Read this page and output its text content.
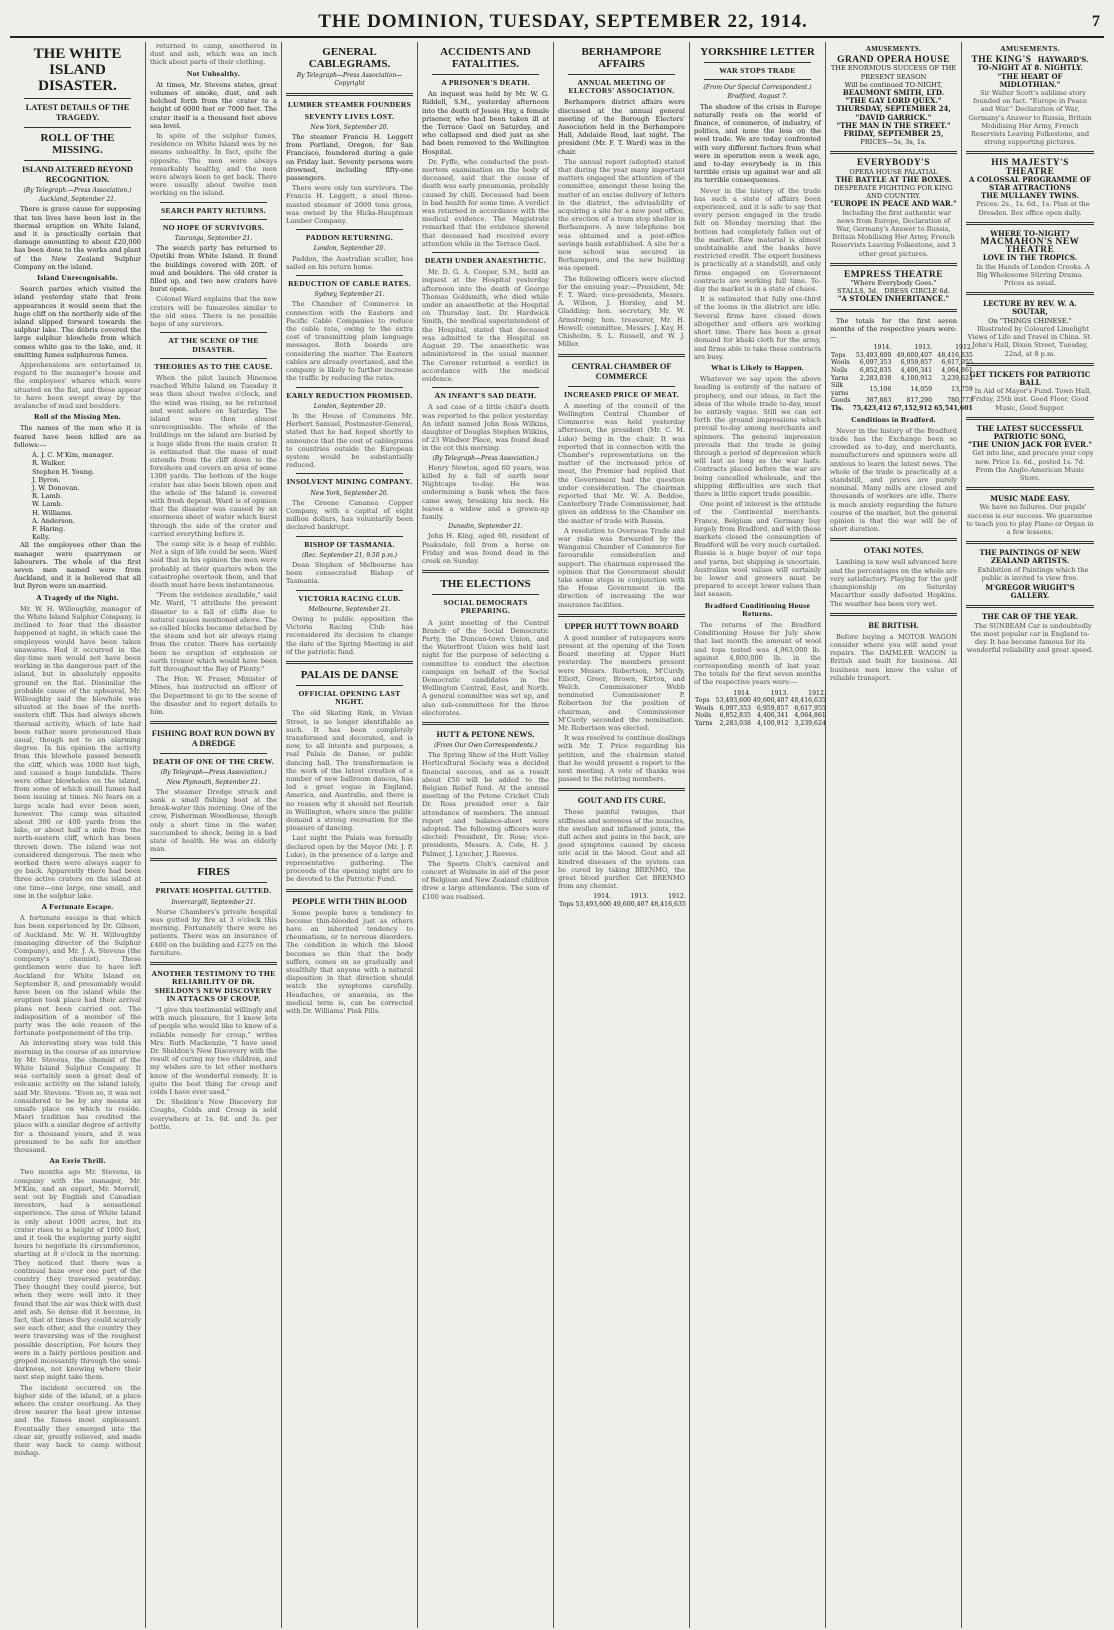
THE DOMINION, TUESDAY, SEPTEMBER 22, 1914.	7
THE WHITE ISLAND DISASTER.
LATEST DETAILS OF THE TRAGEDY.
ROLL OF THE MISSING.
ISLAND ALTERED BEYOND RECOGNITION.
(By Telegraph.—Press Association.)
Auckland, September 21.

There is grave cause for supposing that ten lives have been lost in the thermal eruption on White Island, and it is practically certain that damage amounting to about £20,000 has been done to the works and plant of the New Zealand Sulphur Company on the island.

Island Unrecognisable.

Search parties which visited the island yesterday state that from appearances it would seem that the huge cliff on the northerly side of the island slipped forward towards the sulphur lake. The débris covered the large sulphur blowhole from which comes white gas to the lake, and, it emitting fumes sulphurous fumes.

Apprehensions are entertained in regard to the manager's house and the employees' whares which were situated on the flat, and these appear to have been swept away by the avalanche of mud and boulders.

Roll of the Missing Men.

The names of the men who it is feared have been killed are as follows:—

A. J. C. M'Kim, manager.
R. Walker.
Stephen H. Young.
J. Byron.
J. W. Donovan.
R. Lamb.
W. Lamb.
H. Williams.
A. Anderson.
F. Haring.
Kelly.

All the employees other than the manager were quarrymen or labourers. The whole of the first seven men named were from Auckland, and it is believed that all but Byron were un-married.

A Tragedy of the Night.

Mr. W. H. Willoughby, manager of the White Island Sulphur Company, is inclined to fear that the disaster happened at night, in which case the employees would have been taken unawares. Had it occurred in the day-time men would not have been working in the dangerous part of the island, but in absolutely opposite ground on the flat. Dissimilar the probable cause of the upheaval, Mr. Willoughby said the blowhole was situated at the base of the north-eastern cliff. This had always shown thermal activity, which of late had been rather more pronounced than usual, though not to an alarming degree. In his opinion the activity from this blowhole passed beneath the cliff, which was 1000 feet high, and caused a huge landslide. There were other blowholes on the island, from some of which small fumes had been issuing at times. No fears on a large scale had ever been seen, however. The camp was situated about 300 or 400 yards from the lake, or about half a mile from the north-eastern cliff, which has been thrown down. The island was not considered dangerous. The men who worked there were always eager to go back. Apparently there had been three active craters on the island at one time—one large, one small, and one in the sulphur lake.

A Fortunate Escape.

A fortunate escape is that which has been experienced by Dr. Gibson, of Auckland. Mr. W. H. Willoughby (managing director of the Sulphur Company), and Mr. J. A. Stevens (the company's chemist). These gentlemen were due to have left Auckland for White Island on September 8, and presumably would have been on the island while the eruption took place had their arrival plans not been carried out. The indisposition of a member of the party was the sole reason of the fortunate postponement of the trip.

An interesting story was told this morning in the course of an interview by Mr. Stevens, the chemist of the White Island Sulphur Company. It was certainly seen a great deal of volcanic activity on the island lately, said Mr. Stevens. "Even so, it was not considered to be by any means an unsafe place on which to reside. Maori tradition has credited the place with a similar degree of activity for a thousand years, and it was presumed to be safe for another thousand.

An Eerie Thrill.

Two months ago Mr. Stevens, in company with the manager, Mr. M'Kim, and an expert, Mr. Morrell, sent out by English and Canadian investors, had a sensational experience. The area of White Island is only about 1000 acres, but its crater rises to a height of 1000 feet, and it took the exploring party eight hours to negotiate its circumference, starting at 8 o'clock in the morning. They noticed that there was a continual haze over one part of the country they traversed yesterday. They thought they could pierce, but when they were well into it they found that the air was thick with dust and ash. So dense did it become, in fact, that at times they could scarcely see each other, and the country they were traversing was of the roughest possible description. For hours they were in a fairly perilous position and groped incessantly through the semi-darkness, not knowing where their next step might take them.

The incident occurred on the higher side of the island, at a place where the crater overhung. As they drew nearer the heat grew intense and the fumes most unpleasant. Eventually they emerged into the clear air, greatly relieved, and made their way back to camp without mishap.

returned to camp, smothered in dust and ash, which was an inch thick about parts of their clothing.

Not Unhealthy.

At times, Mr. Stevens states, great volumes of smoke, dust, and ash belched forth from the crater to a height of 6000 feet or 7000 feet. The crater itself is a thousand feet above sea level.

In spite of the sulphur fumes, residence on White Island was by no means unhealthy. In fact, quite the opposite. The men were always remarkably healthy, and the men were always keen to get back. There were usually about twelve men working on the island.

SEARCH PARTY RETURNS.
NO HOPE OF SURVIVORS.
Tauranga, September 21.

The search party has returned to Opotiki from White Island. It found the buildings covered with 20ft. of mud and boulders. The old crater is filled up, and two new craters have burst open.

Colonel Ward explains that the new craters will be fumaroles similar to the old ones. There is no possible hope of any survivors.

AT THE SCENE OF THE DISASTER.
THEORIES AS TO THE CAUSE.

When the pilot launch Hinemoa reached White Island on Tuesday it was then about twelve o'clock, and the wind was rising, so he returned and went ashore on Saturday. The island was then almost unrecognisable. The whole of the buildings on the island are buried by a huge slide from the main crater. It is estimated that the mass of mud extends from the cliff down to the foreshore and covers an area of some 1300 yards. The bottom of the huge crater has also been blown open and the whole of the Island is covered with fresh deposit. Ward is of opinion that the disaster was caused by an enormous sheet of water which burst through the side of the crater and carried everything before it.

The camp site is a heap of rubble. Not a sign of life could be seen. Ward said that in his opinion the men were probably at their quarters when the catastrophe overtook them, and that death must have been instantaneous.

"From the evidence available," said Mr. Ward, "I attribute the present disaster to a fall of cliffs due to natural causes mentioned above. The so-called blocks became detached by the steam and hot air always rising from the crater. There has certainly been no eruption of explosion or earth tremor which would have been felt throughout the Bay of Plenty."

The Hon. W. Fraser, Minister of Mines, has instructed an officer of the Department to go to the scene of the disaster and to report details to him.

FISHING BOAT RUN DOWN BY A DREDGE
DEATH OF ONE OF THE CREW.
(By Telegraph—Press Association.)
New Plymouth, September 21.

The steamer Dredge struck and sank a small fishing boat at the break-water this morning. One of the crew, Fisherman Woodhouse, though only a short time in the water, succumbed to shock, being in a bad state of health. He was an elderly man.

FIRES
PRIVATE HOSPITAL GUTTED.
Invercargill, September 21.

Nurse Chambers's private hospital was gutted by fire at 3 o'clock this morning. Fortunately there were no patients. There was an insurance of £400 on the building and £275 on the furniture.

ANOTHER TESTIMONY TO THE RELIABILITY OF DR. SHELDON'S NEW DISCOVERY IN ATTACKS OF CROUP.

"I give this testimonial willingly and with much pleasure, for I know lots of people who would like to know of a reliable remedy for croup," writes Mrs. Ruth Mackenzie, "I have used Dr. Sheldon's New Discovery with the result of curing my two children, and my wishes are to let other mothers know of the wonderful remedy. It is quite the best thing for croup and colds I have ever used."

Dr. Sheldon's New Discovery for Coughs, Colds and Croup is sold everywhere at 1s. 6d. and 3s. per bottle.

GENERAL CABLEGRAMS.
By Telegraph—Press Association—Copyright
LUMBER STEAMER FOUNDERS
SEVENTY LIVES LOST.
New York, September 20.

The steamer Francis H. Leggett from Portland, Oregon, for San Francisco, foundered during a gale on Friday last. Seventy persons were drowned, including fifty-one passengers.

There were only ten survivors. The Francis H. Leggett, a steel three-masted steamer of 2000 tons gross, was owned by the Hicks-Hauptman Lumber Company.

PADDON RETURNING.
London, September 20.

Paddon, the Australian sculler, has sailed on his return home.

REDUCTION OF CABLE RATES.
Sydney, September 21.

The Chamber of Commerce in connection with the Eastern and Pacific Cable Companies to reduce the cable rate, owing to the extra cost of transmitting plain language messages. Both boards are considering the matter. The Eastern cables are already overtaxed, and the company is likely to further increase the traffic by reducing the rates.

EARLY REDUCTION PROMISED.
London, September 20.

In the House of Commons Mr. Herbert Samuel, Postmaster-General, stated that he had hoped shortly to announce that the cost of cablegrams to countries outside the European system would be substantially reduced.

INSOLVENT MINING COMPANY.
New York, September 20.

The Greene Cananea Copper Company, with a capital of eight million dollars, has voluntarily been declared bankrupt.

BISHOP OF TASMANIA.
(Rec. September 21, 9.50 p.m.)

Dean Stephen of Melbourne has been consecrated Bishop of Tasmania.

VICTORIA RACING CLUB.
Melbourne, September 21.

Owing to public opposition the Victoria Racing Club has reconsidered its decision to change the date of the Spring Meeting in aid of the patriotic fund.

PALAIS DE DANSE
OFFICIAL OPENING LAST NIGHT.

The old Skating Rink, in Vivian Street, is no longer identifiable as such. It has been completely transformed and decorated, and is now, to all intents and purposes, a real Palais de Danse, or public dancing hall. The transformation is the work of the latest creation of a number of new ballroom dances, has led a great vogue in England, America, and Australia, and there is no reason why it should not flourish in Wellington, where since the public demand a strong recreation for the pleasure of dancing.

Last night the Palais was formally declared open by the Mayor (Mr. J. P. Luke), in the presence of a large and representative gathering. The proceeds of the opening night are to be devoted to the Patriotic Fund.

PEOPLE WITH THIN BLOOD

Some people have a tendency to become thin-blooded just as others have an inherited tendency to rheumatism, or to nervous disorders. The condition in which the blood becomes so thin that the body suffers, comes on so gradually and stealthily that anyone with a natural disposition in that direction should watch the symptoms carefully. Headaches, or anaemia, as the medical term is, can be corrected with Dr. Williams' Pink Pills.

ACCIDENTS AND FATALITIES.
A PRISONER'S DEATH.

An inquest was held by Mr. W. G. Riddell, S.M., yesterday afternoon into the death of Jessie Hay, a female prisoner, who had been taken ill at the Terrace Gaol on Saturday, and who collapsed and died just as she had been removed to the Wellington Hospital.

Dr. Fyffe, who conducted the post-mortem examination on the body of deceased, said that the cause of death was early pneumonia, probably caused by chill. Deceased had been in bad health for some time. A verdict was returned in accordance with the medical evidence. The Magistrate remarked that the evidence showed that deceased had received every attention while in the Terrace Gaol.

DEATH UNDER ANAESTHETIC.

Mr. D. G. A. Cooper, S.M., held an inquest at the Hospital yesterday afternoon into the death of George Thomas Goldsmith, who died while under an anaesthetic at the Hospital on Thursday last. Dr. Hardwick Smith, the medical superintendent of the Hospital, stated that deceased was admitted to the Hospital on August 29. The anaesthetic was administered in the usual manner. The Coroner returned a verdict in accordance with the medical evidence.

AN INFANT'S SAD DEATH.

A sad case of a little child's death was reported to the police yesterday. An infant named John Ross Wilkins, daughter of Douglas Stephen Wilkins, of 23 Windsor Place, was found dead in the cot this morning.

(By Telegraph—Press Association.)

Henry Newton, aged 60 years, was killed by a fall of earth near Nightcaps to-day. He was undermining a bank when the face came away, breaking his neck. He leaves a widow and a grown-up family.

Dunedin, September 21.

John H. King, aged 60, resident of Peaksdale, fell from a horse on Friday and was found dead in the creek on Sunday.

THE ELECTIONS
SOCIAL DEMOCRATS PREPARING.

A joint meeting of the Central Branch of the Social Democratic Party, the Duncan-town Union, and the Waterfront Union was held last night for the purpose of selecting a committee to conduct the election campaign on behalf of the Social Democratic candidates in the Wellington Central, East, and North. A general committee was set up, and also sub-committees for the three electorates.

HUTT & PETONE NEWS.
(From Our Own Correspondents.)

The Spring Show of the Hutt Valley Horticultural Society was a decided financial success, and as a result about £50 will be added to the Belgian Relief fund. At the annual meeting of the Petone Cricket Club Dr. Ross presided over a fair attendance of members. The annual report and balance-sheet were adopted. The following officers were elected: President, Dr. Ross; vice-presidents, Messrs. A. Cole, H. J. Palmer, J. Lyncher, J. Reeves.

The Sports Club's carnival and concert at Waimate in aid of the poor of Belgium and New Zealand children drew a large attendance. The sum of £100 was realised.

BERHAMPORE AFFAIRS
ANNUAL MEETING OF ELECTORS' ASSOCIATION.

Berhampore district affairs were discussed at the annual general meeting of the Borough Electors' Association held in the Berhampore Hall, Adelaide Road, last night. The president (Mr. F. T. Ward) was in the chair.

The annual report (adopted) stated that during the year many important matters engaged the attention of the committee, amongst these being the matter of an excise delivery of letters in the district, the advisability of acquiring a site for a new post office, the erection of a tram stop shelter in Berhampore. A new telephone box was obtained and a post-office savings bank established. A site for a new school was secured in Berhampore, and the new building was opened.

The following officers were elected for the ensuing year:—President, Mr. F. T. Ward; vice-presidents, Messrs. A. Wilson, J. Horsley, and M. Gladding; hon. secretary, Mr. W. Armstrong; hon. treasurer, Mr. H. Howell; committee, Messrs. J. Kay, H. Chisholm, S. L. Russell, and W. J. Miller.

CENTRAL CHAMBER OF COMMERCE
INCREASED PRICE OF MEAT.

A meeting of the council of the Wellington Central Chamber of Commerce was held yesterday afternoon, the president (Mr. C. M. Luke) being in the chair. It was reported that in connection with the Chamber's representations on the matter of the increased price of meat, the Premier had replied that the Government had the question under consideration. The chairman reported that Mr. W. A. Beddoe, Canterbury Trade Commissioner, had given an address to the Chamber on the matter of trade with Russia.

A resolution to Overseas Trade and war risks was forwarded by the Wanganui Chamber of Commerce for favourable consideration and support. The chairman expressed the opinion that the Government should take some steps in conjunction with the Home Government in the direction of increasing the war insurance facilities.

UPPER HUTT TOWN BOARD

A good number of ratepayers were present at the opening of the Town Board meeting at Upper Hutt yesterday. The members present were Messrs. Robertson, M'Curdy, Elliott, Greer, Brown, Kirton, and Welch. Commissioner Webb nominated Commissioner P. Robertson for the position of chairman, and Commissioner M'Curdy seconded the nomination. Mr. Robertson was elected.

It was resolved to continue dealings with Mr. T. Price regarding his petition, and the chairman stated that he would present a report to the next meeting. A vote of thanks was passed to the retiring members.

GOUT AND ITS CURE.

Those painful twinges, that stiffness and soreness of the muscles, the swollen and inflamed joints, the dull aches and pains in the back, are good symptoms caused by excess uric acid in the blood. Gout and all kindred diseases of the system can be cured by taking BRENMO, the great blood purifier. Get BRENMO from any chemist.

	1914.	1913.	1912.
Tops	53,493,600	49,600,407	48,416,635
YORKSHIRE LETTER
WAR STOPS TRADE
(From Our Special Correspondent.)
Bradford, August 7.

The shadow of the crisis in Europe naturally rests on the world of finance, of commerce, of industry, of politics, and none the less on the wool trade. We are today confronted with very different factors from what were in operation even a week ago, and to-day everybody is in this terrible crisis up against war and all its terrible consequences.

Never in the history of the trade has such a state of affairs been experienced, and it is safe to say that every person engaged in the trade felt on Monday morning that the bottom had completely fallen out of the market. Raw material is almost unobtainable and the banks have restricted credit. The export business is practically at a standstill, and only firms engaged on Government contracts are working full time. To-day the market is in a state of chaos.

It is estimated that fully one-third of the looms in the district are idle. Several firms have closed down altogether and others are working short time. There has been a great demand for khaki cloth for the army, and firms able to take these contracts are busy.

What is Likely to Happen.

Whatever we say upon the above heading is entirely of the nature of prophecy, and our ideas, in fact the ideas of the whole trade to-day, must be entirely vague. Still we can set forth the ground impressions which prevail to-day among merchants and spinners. The general impression prevails that the trade is going through a period of depression which will last as long as the war lasts. Contracts placed before the war are being cancelled wholesale, and the shipping difficulties are such that there is little export trade possible.

One point of interest is the attitude of the Continental merchants. France, Belgium and Germany buy largely from Bradford, and with these markets closed the consumption of Bradford will be very much curtailed. Russia is a huge buyer of our tops and yarns, but shipping is uncertain. Australian wool values will certainly be lower and growers must be prepared to accept lower values than last season.

Bradford Conditioning House Returns.

The returns of the Bradford Conditioning House for July show that last month the amount of wool and tops tested was 4,963,000 lb. against 4,800,000 lb. in the corresponding month of last year. The totals for the first seven months of the respective years were:—

	1914.	1913.	1912.
Tops	53,493,600	49,600,407	48,416,635
Wools	6,097,353	6,959,857	6,617,955
Noils	6,852,835	4,406,341	4,064,861
Yarns	2,283,038	4,100,912	3,239,624
AMUSEMENTS.
GRAND OPERA HOUSE
THE ENORMOUS SUCCESS OF THE PRESENT SEASON
Will be continued TO-NIGHT,
BEAUMONT SMITH, LTD.
"THE GAY LORD QUEX."
THURSDAY, SEPTEMBER 24,
"DAVID GARRICK."
"THE MAN IN THE STREET."
FRIDAY, SEPTEMBER 25,
PRICES—5s, 3s, 1s.
EVERYBODY'S
OPERA HOUSE PALATIAL
THE BATTLE AT THE BOXES.
DESPERATE FIGHTING FOR KING AND COUNTRY.
"EUROPE IN PEACE AND WAR."

Including the first authentic war news from Europe, Declaration of War, Germany's Answer to Russia, Britain Mobilising Her Army, French Reservists Leaving Folkestone, and 3 other great pictures.

EMPRESS THEATRE
"Where Everybody Goes."
STALLS, 3d. DRESS CIRCLE 6d.
"A STOLEN INHERITANCE."

The totals for the first seven months of the respective years were:—

	1914.	1913.	1912.
Tops	53,493,600	49,600,407	48,416,635
Wools	6,097,353	6,959,857	6,617,955
Noils	6,852,835	4,406,341	4,064,861
Yarns	2,283,038	4,100,912	3,239,624
Silk yarns	15,106	14,059	13,759
Goods	387,883	817,290	780,773
Tls.	75,423,412	67,152,912	65,541,601
Conditions in Bradford.

Never in the history of the Bradford trade has the Exchange been so crowded as to-day, and merchants, manufacturers and spinners were all anxious to learn the latest news. The whole of the trade is practically at a standstill, and prices are purely nominal. Many mills are closed and thousands of workers are idle. There is much anxiety regarding the future course of the market, but the general opinion is that the war will be of short duration.

OTAKI NOTES.

Lambing is now well advanced here and the percentages on the whole are very satisfactory. Playing for the golf championship on Saturday Macarthur easily defeated Hopkins. The weather has been very wet.

BE BRITISH.

Before buying a MOTOR WAGON consider where you will send your repairs. The DAIMLER WAGON is British and built for business. All business men know the value of reliable transport.

AMUSEMENTS.
THE KING'S HAYWARD'S.
TO-NIGHT AT 8. NIGHTLY.
"THE HEART OF MIDLOTHIAN."

Sir Walter Scott's sublime story founded on fact. "Europe in Peace and War." Declaration of War, Germany's Answer to Russia, Britain Mobilising Her Army, French Reservists Leaving Folkestone, and strong supporting pictures.

HIS MAJESTY'S THEATRE
A COLOSSAL PROGRAMME OF STAR ATTRACTIONS
THE MULLANEY TWINS.

Prices: 2s., 1s. 6d., 1s. Plan at the Dresden. Box office open daily.

WHERE TO-NIGHT?
MACMAHON'S NEW THEATRE
LOVE IN THE TROPICS.

In the Hands of London Crooks. A Big Wholesome Stirring Drama. Prices as usual.

LECTURE BY REV. W. A. SOUTAR,
On "THINGS CHINESE."

Illustrated by Coloured Limelight Views of Life and Travel in China. St. John's Hall, Dixon Street, Tuesday, 22nd, at 8 p.m.

GET TICKETS FOR PATRIOTIC BALL

In Aid of Mayor's Fund. Town Hall, Friday, 25th inst. Good Floor, Good Music, Good Supper.

THE LATEST SUCCESSFUL PATRIOTIC SONG,
"THE UNION JACK FOR EVER."

Get into line, and procure your copy now. Price 1s. 6d., posted 1s. 7d. From the Anglo-American Music Store.

MUSIC MADE EASY.

We have no failures. Our pupils' success is our success. We guarantee to teach you to play Piano or Organ in a few lessons.

THE PAINTINGS OF NEW ZEALAND ARTISTS.

Exhibition of Paintings which the public is invited to view free.

M'GREGOR WRIGHT'S GALLERY.
THE CAR OF THE YEAR.

The SUNBEAM Car is undoubtedly the most popular car in England to-day. It has become famous for its wonderful reliability and great speed.
